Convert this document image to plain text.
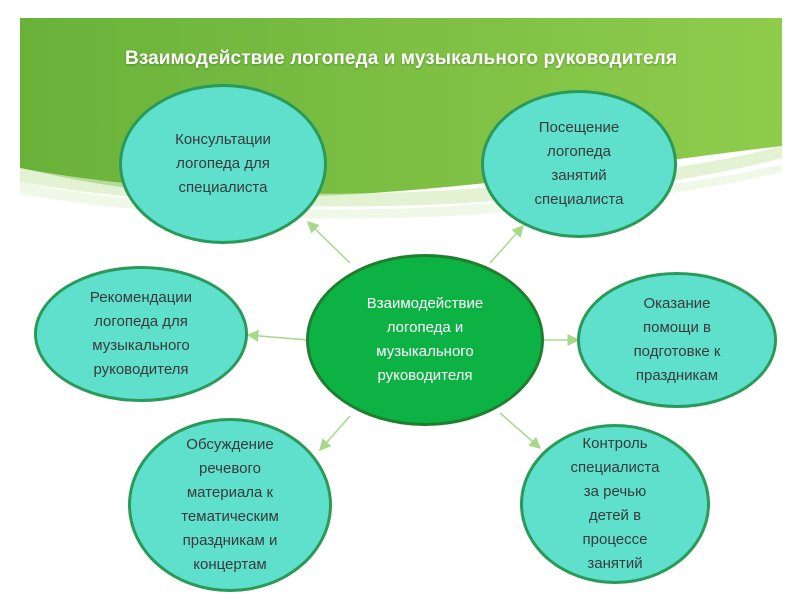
Взаимодействие логопеда и музыкального руководителя
Консультации
логопеда для
специалиста
Посещение
логопеда
занятий
специалиста
Рекомендации
логопеда для
музыкального
руководителя
Взаимодействие
логопеда и
музыкального
руководителя
Оказание
помощи в
подготовке к
праздникам
Обсуждение
речевого
материала к
тематическим
праздникам и
концертам
Контроль
специалиста
за речью
детей в
процессе
занятий
